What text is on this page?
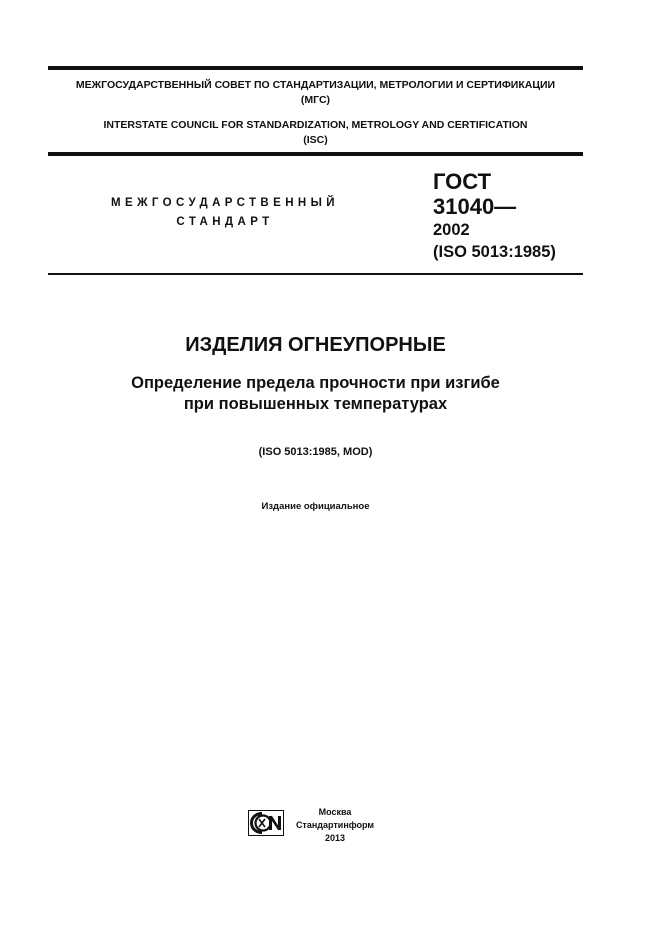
МЕЖГОСУДАРСТВЕННЫЙ СОВЕТ ПО СТАНДАРТИЗАЦИИ, МЕТРОЛОГИИ И СЕРТИФИКАЦИИ
(МГС)
INTERSTATE COUNCIL FOR STANDARDIZATION, METROLOGY AND CERTIFICATION
(ISC)
МЕЖГОСУДАРСТВЕННЫЙ
СТАНДАРТ
ГОСТ
31040—
2002
(ISO 5013:1985)
ИЗДЕЛИЯ ОГНЕУПОРНЫЕ
Определение предела прочности при изгибе
при повышенных температурах
(ISO 5013:1985, MOD)
Издание официальное
Москва
Стандартинформ
2013
